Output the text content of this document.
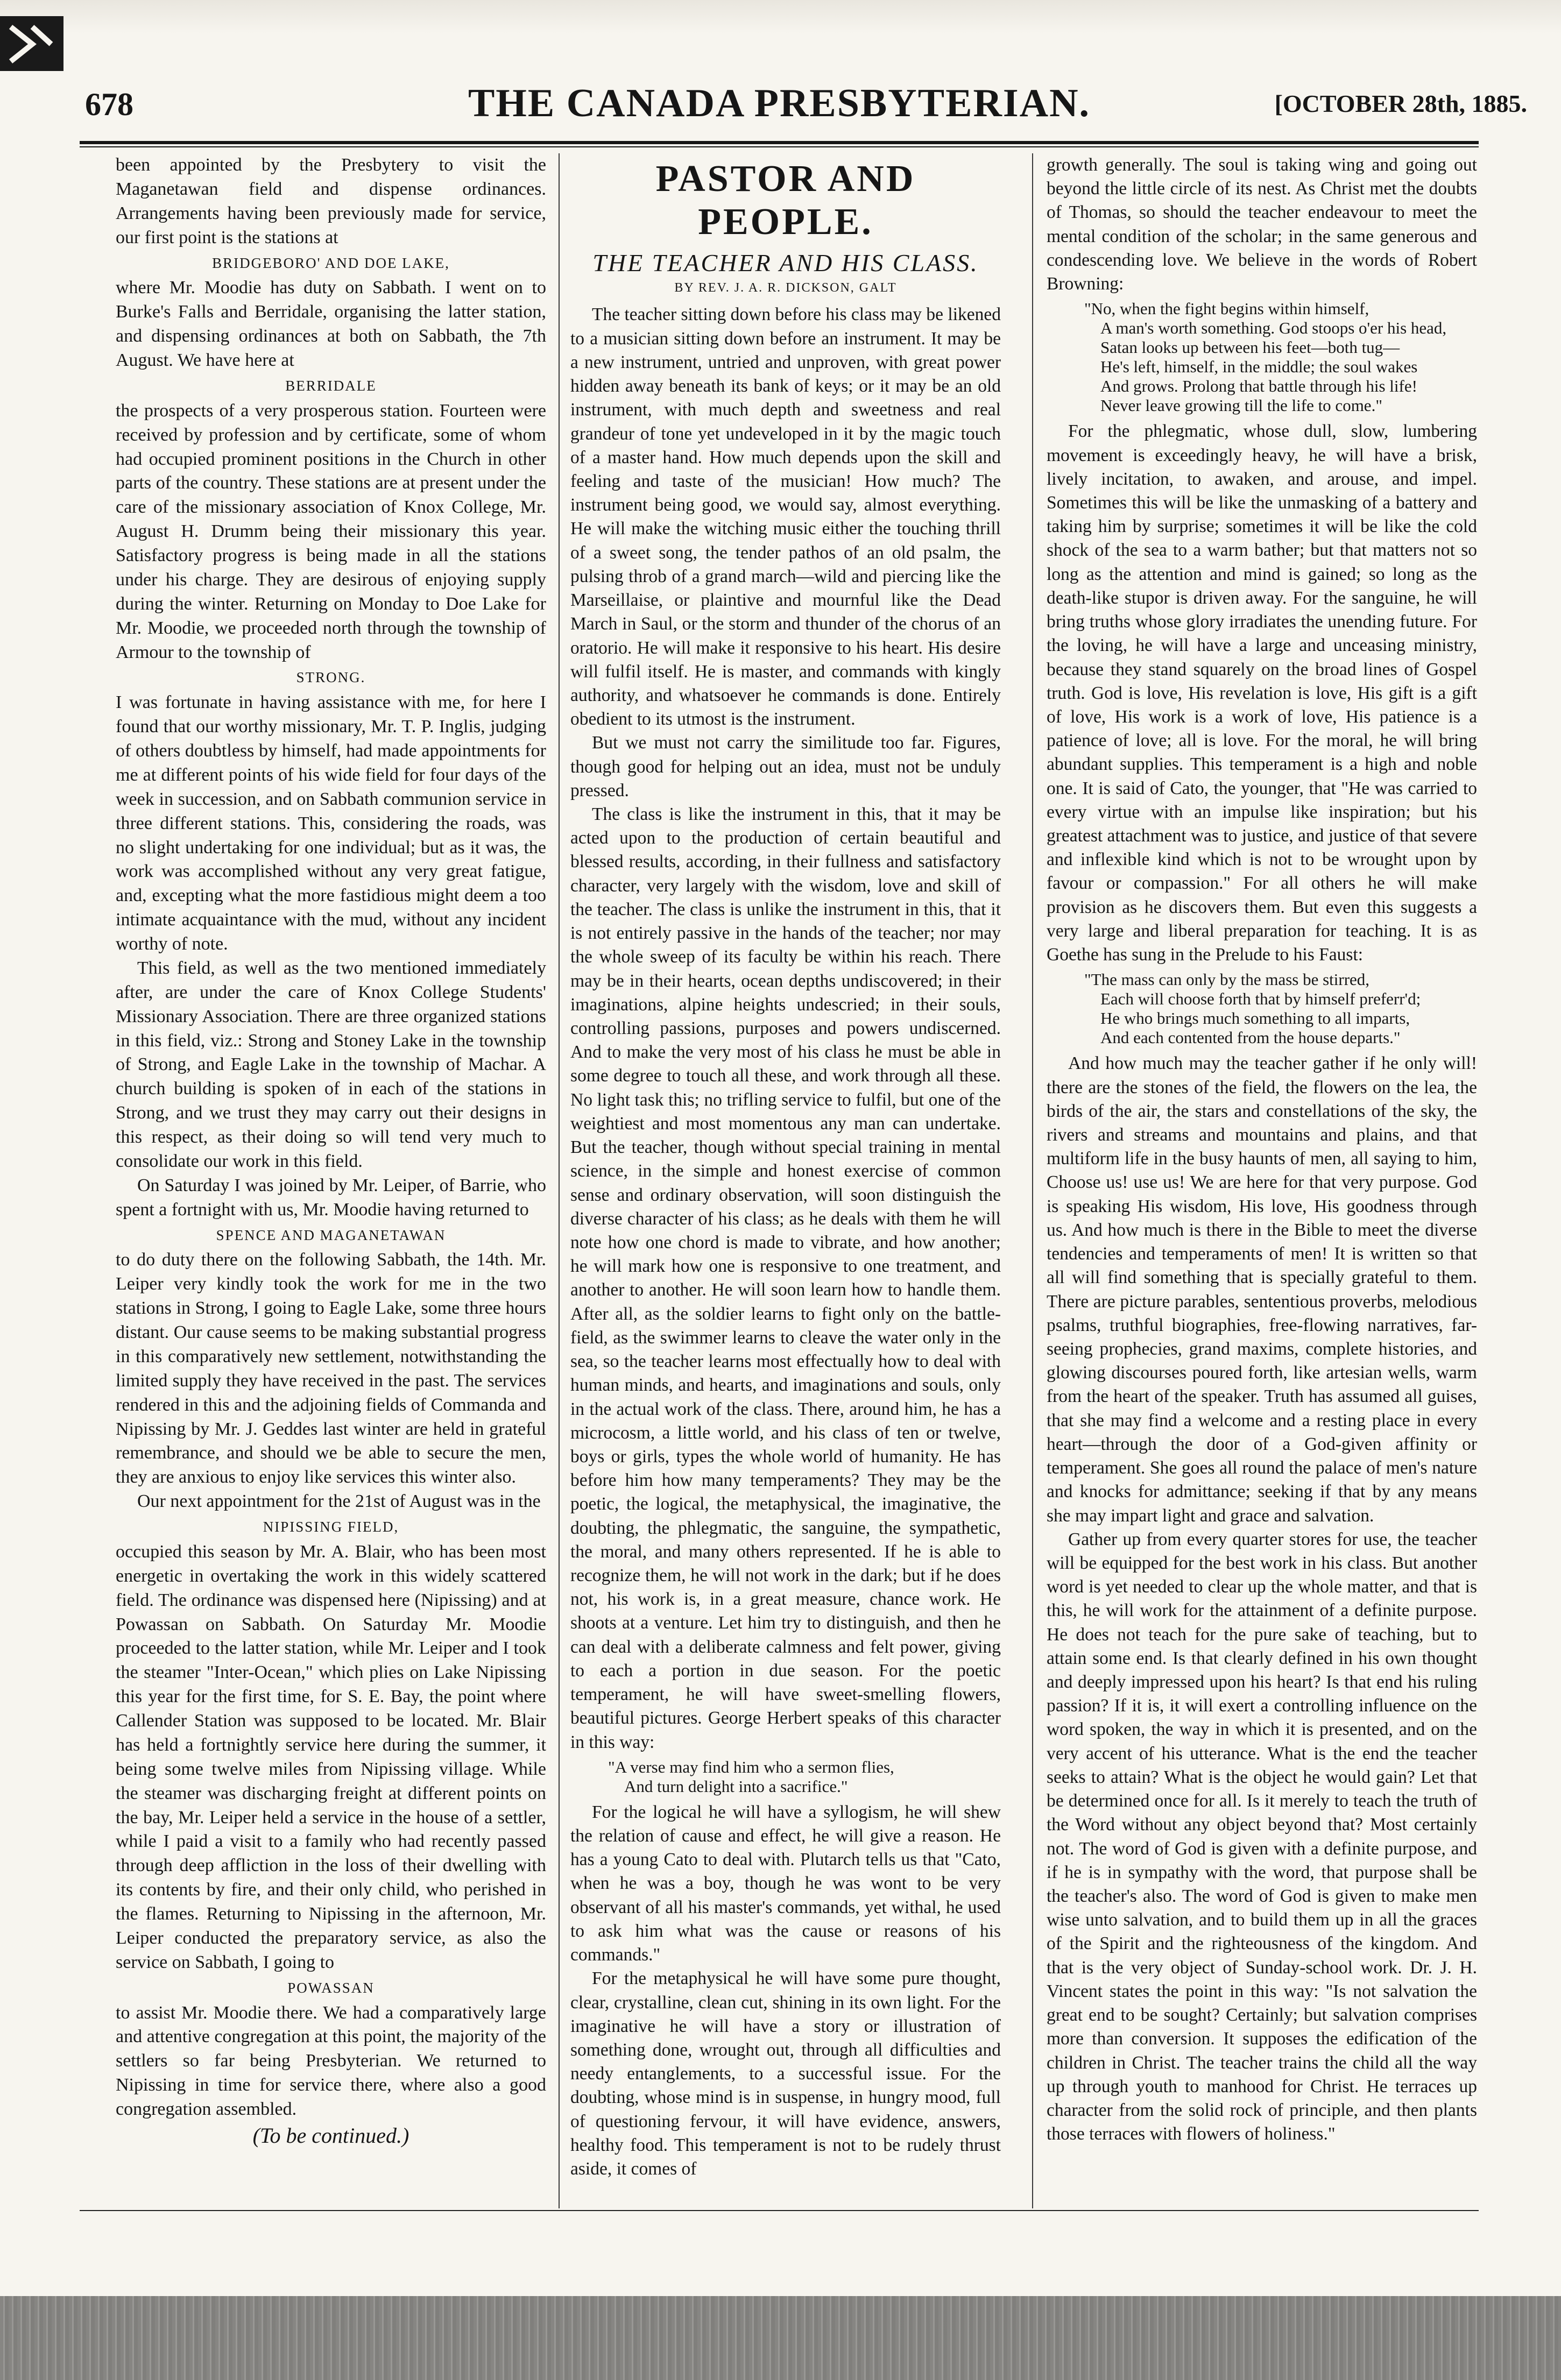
678	THE CANADA PRESBYTERIAN.	[OCTOBER 28th, 1885.

been appointed by the Presbytery to visit the Maganetawan field and dispense ordinances. Arrangements having been previously made for service, our first point is the stations at

BRIDGEBORO' AND DOE LAKE,

where Mr. Moodie has duty on Sabbath. I went on to Burke's Falls and Berridale, organising the latter station, and dispensing ordinances at both on Sabbath, the 7th August. We have here at

BERRIDALE

the prospects of a very prosperous station. Fourteen were received by profession and by certificate, some of whom had occupied prominent positions in the Church in other parts of the country. These stations are at present under the care of the missionary association of Knox College, Mr. August H. Drumm being their missionary this year. Satisfactory progress is being made in all the stations under his charge. They are desirous of enjoying supply during the winter. Returning on Monday to Doe Lake for Mr. Moodie, we proceeded north through the township of Armour to the township of

STRONG.

I was fortunate in having assistance with me, for here I found that our worthy missionary, Mr. T. P. Inglis, judging of others doubtless by himself, had made appointments for me at different points of his wide field for four days of the week in succession, and on Sabbath communion service in three different stations. This, considering the roads, was no slight undertaking for one individual; but as it was, the work was accomplished without any very great fatigue, and, excepting what the more fastidious might deem a too intimate acquaintance with the mud, without any incident worthy of note.

This field, as well as the two mentioned immediately after, are under the care of Knox College Students' Missionary Association. There are three organized stations in this field, viz.: Strong and Stoney Lake in the township of Strong, and Eagle Lake in the township of Machar. A church building is spoken of in each of the stations in Strong, and we trust they may carry out their designs in this respect, as their doing so will tend very much to consolidate our work in this field.

On Saturday I was joined by Mr. Leiper, of Barrie, who spent a fortnight with us, Mr. Moodie having returned to

SPENCE AND MAGANETAWAN

to do duty there on the following Sabbath, the 14th. Mr. Leiper very kindly took the work for me in the two stations in Strong, I going to Eagle Lake, some three hours distant. Our cause seems to be making substantial progress in this comparatively new settlement, notwithstanding the limited supply they have received in the past. The services rendered in this and the adjoining fields of Commanda and Nipissing by Mr. J. Geddes last winter are held in grateful remembrance, and should we be able to secure the men, they are anxious to enjoy like services this winter also.

Our next appointment for the 21st of August was in the

NIPISSING FIELD,

occupied this season by Mr. A. Blair, who has been most energetic in overtaking the work in this widely scattered field. The ordinance was dispensed here (Nipissing) and at Powassan on Sabbath. On Saturday Mr. Moodie proceeded to the latter station, while Mr. Leiper and I took the steamer "Inter-Ocean," which plies on Lake Nipissing this year for the first time, for S. E. Bay, the point where Callender Station was supposed to be located. Mr. Blair has held a fortnightly service here during the summer, it being some twelve miles from Nipissing village. While the steamer was discharging freight at different points on the bay, Mr. Leiper held a service in the house of a settler, while I paid a visit to a family who had recently passed through deep affliction in the loss of their dwelling with its contents by fire, and their only child, who perished in the flames. Returning to Nipissing in the afternoon, Mr. Leiper conducted the preparatory service, as also the service on Sabbath, I going to

POWASSAN

to assist Mr. Moodie there. We had a comparatively large and attentive congregation at this point, the majority of the settlers so far being Presbyterian. We returned to Nipissing in time for service there, where also a good congregation assembled.

(To be continued.)
PASTOR AND PEOPLE.
THE TEACHER AND HIS CLASS.
BY REV. J. A. R. DICKSON, GALT

The teacher sitting down before his class may be likened to a musician sitting down before an instrument. It may be a new instrument, untried and unproven, with great power hidden away beneath its bank of keys; or it may be an old instrument, with much depth and sweetness and real grandeur of tone yet undeveloped in it by the magic touch of a master hand. How much depends upon the skill and feeling and taste of the musician! How much? The instrument being good, we would say, almost everything. He will make the witching music either the touching thrill of a sweet song, the tender pathos of an old psalm, the pulsing throb of a grand march—wild and piercing like the Marseillaise, or plaintive and mournful like the Dead March in Saul, or the storm and thunder of the chorus of an oratorio. He will make it responsive to his heart. His desire will fulfil itself. He is master, and commands with kingly authority, and whatsoever he commands is done. Entirely obedient to its utmost is the instrument.

But we must not carry the similitude too far. Figures, though good for helping out an idea, must not be unduly pressed.

The class is like the instrument in this, that it may be acted upon to the production of certain beautiful and blessed results, according, in their fullness and satisfactory character, very largely with the wisdom, love and skill of the teacher. The class is unlike the instrument in this, that it is not entirely passive in the hands of the teacher; nor may the whole sweep of its faculty be within his reach. There may be in their hearts, ocean depths undiscovered; in their imaginations, alpine heights undescried; in their souls, controlling passions, purposes and powers undiscerned. And to make the very most of his class he must be able in some degree to touch all these, and work through all these. No light task this; no trifling service to fulfil, but one of the weightiest and most momentous any man can undertake. But the teacher, though without special training in mental science, in the simple and honest exercise of common sense and ordinary observation, will soon distinguish the diverse character of his class; as he deals with them he will note how one chord is made to vibrate, and how another; he will mark how one is responsive to one treatment, and another to another. He will soon learn how to handle them. After all, as the soldier learns to fight only on the battle-field, as the swimmer learns to cleave the water only in the sea, so the teacher learns most effectually how to deal with human minds, and hearts, and imaginations and souls, only in the actual work of the class. There, around him, he has a microcosm, a little world, and his class of ten or twelve, boys or girls, types the whole world of humanity. He has before him how many temperaments? They may be the poetic, the logical, the metaphysical, the imaginative, the doubting, the phlegmatic, the sanguine, the sympathetic, the moral, and many others represented. If he is able to recognize them, he will not work in the dark; but if he does not, his work is, in a great measure, chance work. He shoots at a venture. Let him try to distinguish, and then he can deal with a deliberate calmness and felt power, giving to each a portion in due season. For the poetic temperament, he will have sweet-smelling flowers, beautiful pictures. George Herbert speaks of this character in this way:

"A verse may find him who a sermon flies,
And turn delight into a sacrifice."

For the logical he will have a syllogism, he will shew the relation of cause and effect, he will give a reason. He has a young Cato to deal with. Plutarch tells us that "Cato, when he was a boy, though he was wont to be very observant of all his master's commands, yet withal, he used to ask him what was the cause or reasons of his commands."

For the metaphysical he will have some pure thought, clear, crystalline, clean cut, shining in its own light. For the imaginative he will have a story or illustration of something done, wrought out, through all difficulties and needy entanglements, to a successful issue. For the doubting, whose mind is in suspense, in hungry mood, full of questioning fervour, it will have evidence, answers, healthy food. This temperament is not to be rudely thrust aside, it comes of

growth generally. The soul is taking wing and going out beyond the little circle of its nest. As Christ met the doubts of Thomas, so should the teacher endeavour to meet the mental condition of the scholar; in the same generous and condescending love. We believe in the words of Robert Browning:

"No, when the fight begins within himself,
A man's worth something. God stoops o'er his head,
Satan looks up between his feet—both tug—
He's left, himself, in the middle; the soul wakes
And grows. Prolong that battle through his life!
Never leave growing till the life to come."

For the phlegmatic, whose dull, slow, lumbering movement is exceedingly heavy, he will have a brisk, lively incitation, to awaken, and arouse, and impel. Sometimes this will be like the unmasking of a battery and taking him by surprise; sometimes it will be like the cold shock of the sea to a warm bather; but that matters not so long as the attention and mind is gained; so long as the death-like stupor is driven away. For the sanguine, he will bring truths whose glory irradiates the unending future. For the loving, he will have a large and unceasing ministry, because they stand squarely on the broad lines of Gospel truth. God is love, His revelation is love, His gift is a gift of love, His work is a work of love, His patience is a patience of love; all is love. For the moral, he will bring abundant supplies. This temperament is a high and noble one. It is said of Cato, the younger, that "He was carried to every virtue with an impulse like inspiration; but his greatest attachment was to justice, and justice of that severe and inflexible kind which is not to be wrought upon by favour or compassion." For all others he will make provision as he discovers them. But even this suggests a very large and liberal preparation for teaching. It is as Goethe has sung in the Prelude to his Faust:

"The mass can only by the mass be stirred,
Each will choose forth that by himself preferr'd;
He who brings much something to all imparts,
And each contented from the house departs."

And how much may the teacher gather if he only will! there are the stones of the field, the flowers on the lea, the birds of the air, the stars and constellations of the sky, the rivers and streams and mountains and plains, and that multiform life in the busy haunts of men, all saying to him, Choose us! use us! We are here for that very purpose. God is speaking His wisdom, His love, His goodness through us. And how much is there in the Bible to meet the diverse tendencies and temperaments of men! It is written so that all will find something that is specially grateful to them. There are picture parables, sententious proverbs, melodious psalms, truthful biographies, free-flowing narratives, far-seeing prophecies, grand maxims, complete histories, and glowing discourses poured forth, like artesian wells, warm from the heart of the speaker. Truth has assumed all guises, that she may find a welcome and a resting place in every heart—through the door of a God-given affinity or temperament. She goes all round the palace of men's nature and knocks for admittance; seeking if that by any means she may impart light and grace and salvation.

Gather up from every quarter stores for use, the teacher will be equipped for the best work in his class. But another word is yet needed to clear up the whole matter, and that is this, he will work for the attainment of a definite purpose. He does not teach for the pure sake of teaching, but to attain some end. Is that clearly defined in his own thought and deeply impressed upon his heart? Is that end his ruling passion? If it is, it will exert a controlling influence on the word spoken, the way in which it is presented, and on the very accent of his utterance. What is the end the teacher seeks to attain? What is the object he would gain? Let that be determined once for all. Is it merely to teach the truth of the Word without any object beyond that? Most certainly not. The word of God is given with a definite purpose, and if he is in sympathy with the word, that purpose shall be the teacher's also. The word of God is given to make men wise unto salvation, and to build them up in all the graces of the Spirit and the righteousness of the kingdom. And that is the very object of Sunday-school work. Dr. J. H. Vincent states the point in this way: "Is not salvation the great end to be sought? Certainly; but salvation comprises more than conversion. It supposes the edification of the children in Christ. The teacher trains the child all the way up through youth to manhood for Christ. He terraces up character from the solid rock of principle, and then plants those terraces with flowers of holiness."
